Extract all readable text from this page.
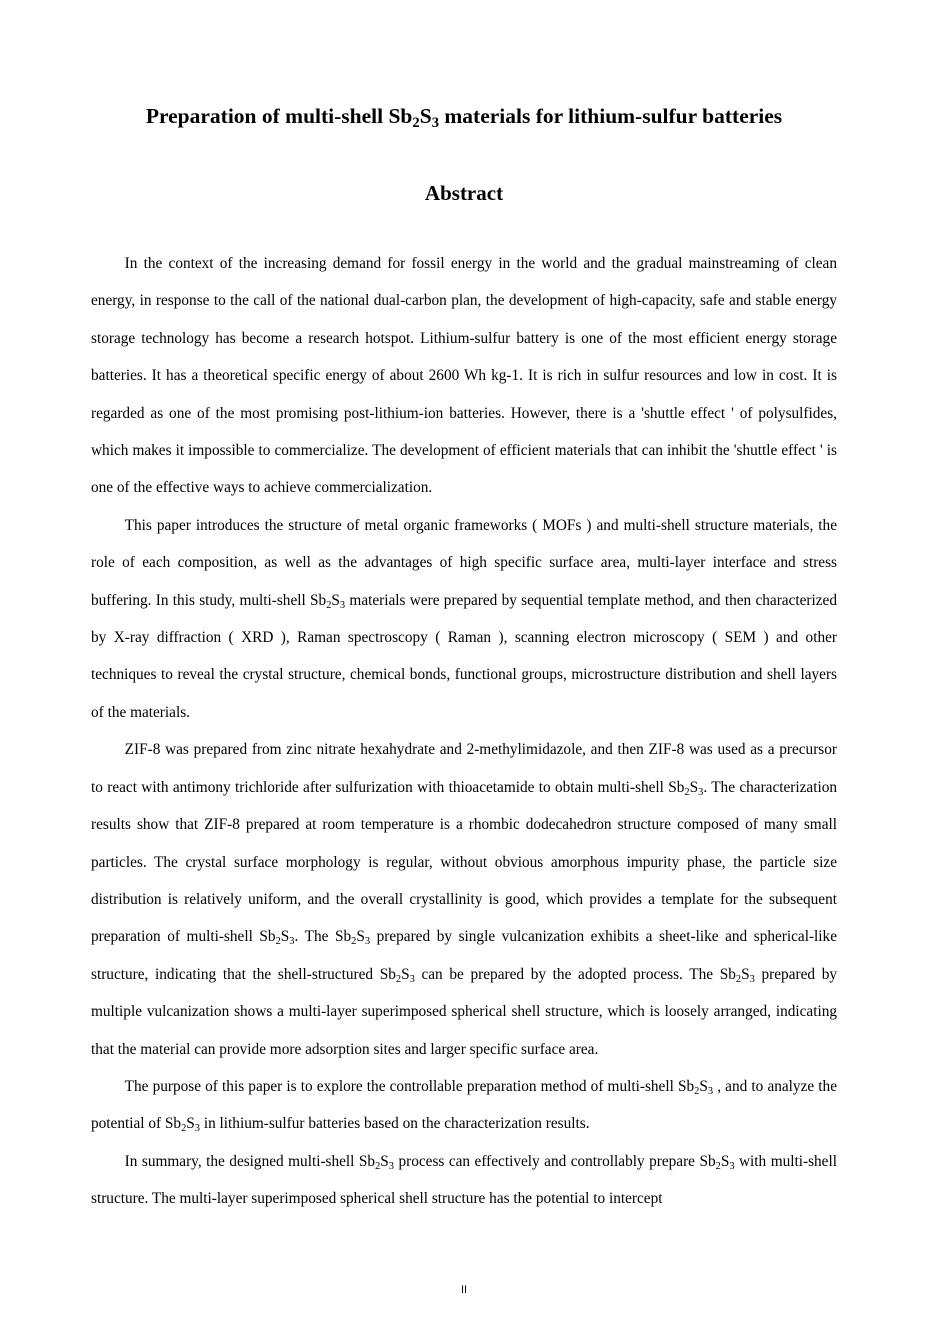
Preparation of multi-shell $Sb_2S_3$ materials for lithium-sulfur batteries
Abstract

In the context of the increasing demand for fossil energy in the world and the gradual mainstreaming of clean energy, in response to the call of the national dual-carbon plan, the development of high-capacity, safe and stable energy storage technology has become a research hotspot. Lithium-sulfur battery is one of the most efficient energy storage batteries. It has a theoretical specific energy of about 2600 Wh kg-1. It is rich in sulfur resources and low in cost. It is regarded as one of the most promising post-lithium-ion batteries. However, there is a 'shuttle effect ' of polysulfides, which makes it impossible to commercialize. The development of efficient materials that can inhibit the 'shuttle effect ' is one of the effective ways to achieve commercialization.

This paper introduces the structure of metal organic frameworks ( MOFs ) and multi-shell structure materials, the role of each composition, as well as the advantages of high specific surface area, multi-layer interface and stress buffering. In this study, multi-shell $Sb_2S_3$ materials were prepared by sequential template method, and then characterized by X-ray diffraction ( XRD ), Raman spectroscopy ( Raman ), scanning electron microscopy ( SEM ) and other techniques to reveal the crystal structure, chemical bonds, functional groups, microstructure distribution and shell layers of the materials.

ZIF-8 was prepared from zinc nitrate hexahydrate and 2-methylimidazole, and then ZIF-8 was used as a precursor to react with antimony trichloride after sulfurization with thioacetamide to obtain multi-shell $Sb_2S_3$. The characterization results show that ZIF-8 prepared at room temperature is a rhombic dodecahedron structure composed of many small particles. The crystal surface morphology is regular, without obvious amorphous impurity phase, the particle size distribution is relatively uniform, and the overall crystallinity is good, which provides a template for the subsequent preparation of multi-shell $Sb_2S_3$. The $Sb_2S_3$ prepared by single vulcanization exhibits a sheet-like and spherical-like structure, indicating that the shell-structured $Sb_2S_3$ can be prepared by the adopted process. The $Sb_2S_3$ prepared by multiple vulcanization shows a multi-layer superimposed spherical shell structure, which is loosely arranged, indicating that the material can provide more adsorption sites and larger specific surface area.

The purpose of this paper is to explore the controllable preparation method of multi-shell $Sb_2S_3$ , and to analyze the potential of $Sb_2S_3$ in lithium-sulfur batteries based on the characterization results.

In summary, the designed multi-shell $Sb_2S_3$ process can effectively and controllably prepare $Sb_2S_3$ with multi-shell structure. The multi-layer superimposed spherical shell structure has the potential to intercept

II
